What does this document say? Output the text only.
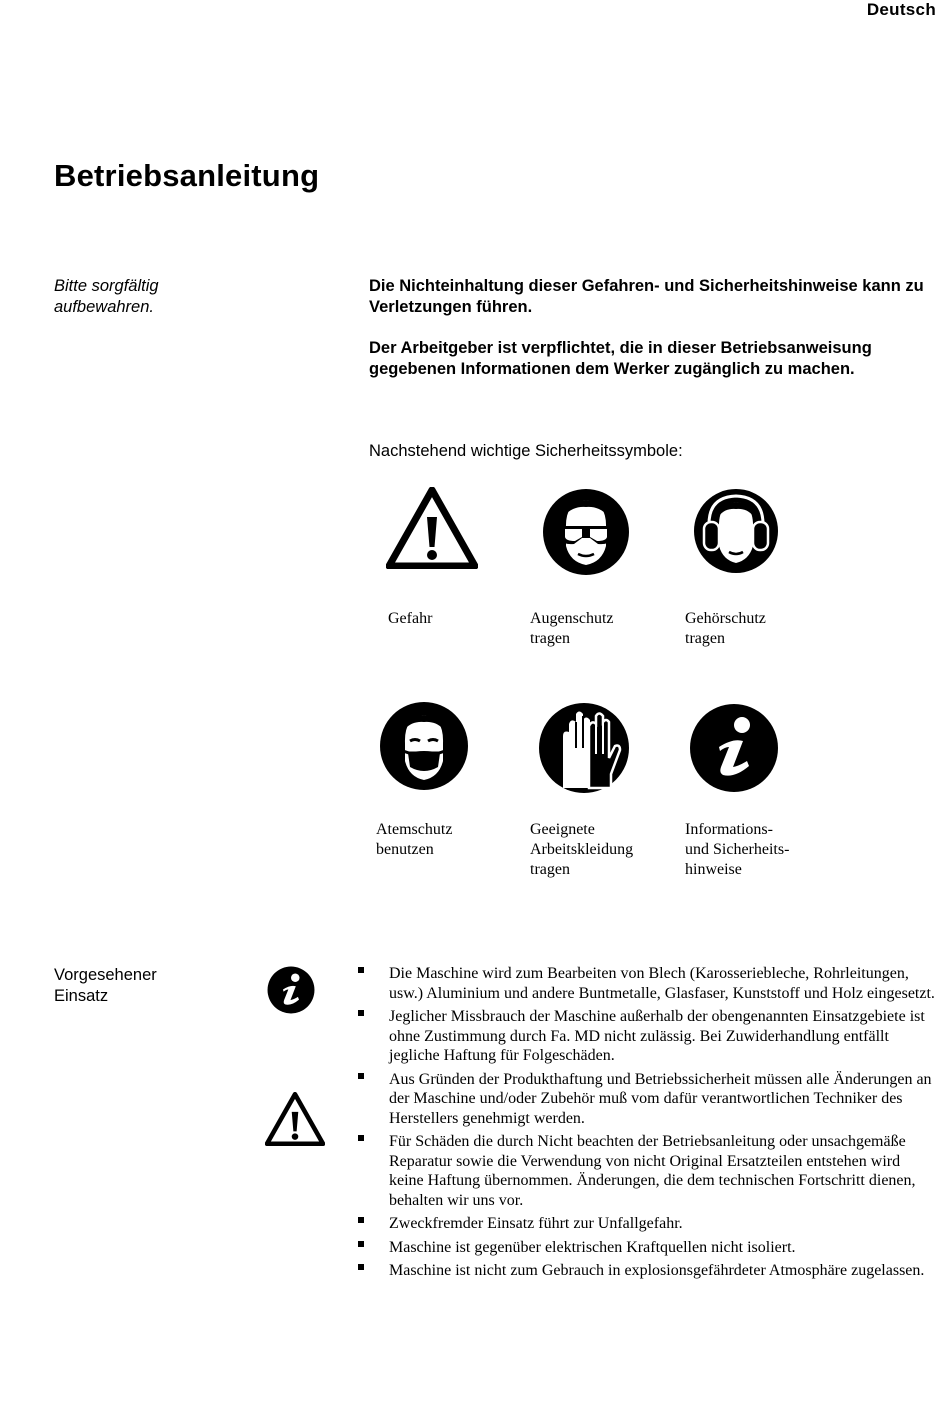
Deutsch
Betriebsanleitung
Bitte sorgfältig aufbewahren.
Die Nichteinhaltung dieser Gefahren- und Sicherheitshinweise kann zu Verletzungen führen.
Der Arbeitgeber ist verpflichtet, die in dieser Betriebsanweisung gegebenen Informationen dem Werker zugänglich zu machen.
Nachstehend wichtige Sicherheitssymbole:
Gefahr	Augenschutz
tragen
Gehörschutz
tragen
Atemschutz
benutzen
Geeignete
Arbeitskleidung
tragen
Informations-
und Sicherheits-
hinweise
Vorgesehener
Einsatz
Die Maschine wird zum Bearbeiten von Blech (Karosseriebleche, Rohrleitungen, usw.) Aluminium und andere Buntmetalle, Glasfaser, Kunststoff und Holz eingesetzt.
Jeglicher Missbrauch der Maschine außerhalb der obengenannten Einsatzgebiete ist ohne Zustimmung durch Fa. MD nicht zulässig. Bei Zuwiderhandlung entfällt jegliche Haftung für Folgeschäden.
Aus Gründen der Produkthaftung und Betriebssicherheit müssen alle Änderungen an der Maschine und/oder Zubehör muß vom dafür verantwortlichen Techniker des Herstellers genehmigt werden.
Für Schäden die durch Nicht beachten der Betriebsanleitung oder unsachgemäße Reparatur sowie die Verwendung von nicht Original Ersatzteilen entstehen wird keine Haftung übernommen. Änderungen, die dem technischen Fortschritt dienen, behalten wir uns vor.
Zweckfremder Einsatz führt zur Unfallgefahr.
Maschine ist gegenüber elektrischen Kraftquellen nicht isoliert.
Maschine ist nicht zum Gebrauch in explosionsgefährdeter Atmosphäre zugelassen.
